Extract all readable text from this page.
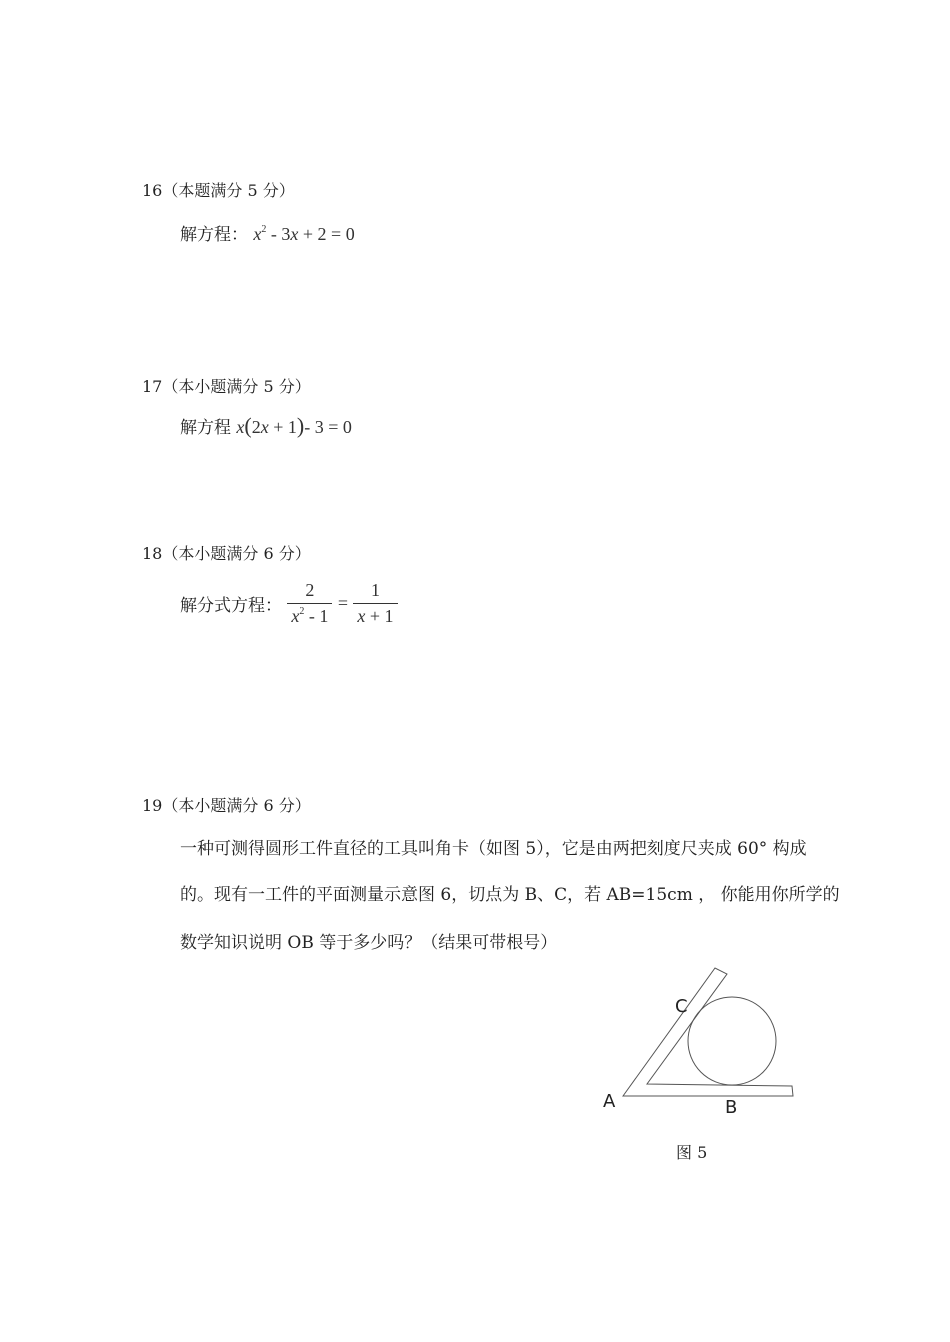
16（本题满分 5 分）
解方程： $x^2 - 3x + 2 = 0$
17（本小题满分 5 分）
解方程 x(2x + 1)- 3 = 0
18（本小题满分 6 分）
解分式方程： $\frac{2}{x^2 - 1} = \frac{1}{x + 1}$
19（本小题满分 6 分）
一种可测得圆形工件直径的工具叫角卡（如图 5），它是由两把刻度尺夹成 60° 构成
的。现有一工件的平面测量示意图 6，切点为 B、C，若 AB=15cm ， 你能用你所学的
数学知识说明 OB 等于多少吗？（结果可带根号）
C
A	B
图 5
